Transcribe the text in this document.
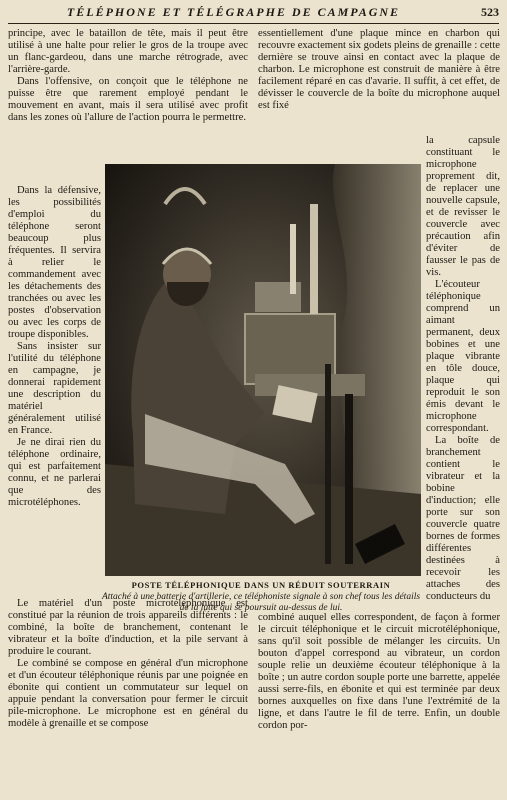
TÉLÉPHONE ET TÉLÉGRAPHE DE CAMPAGNE	523

principe, avec le bataillon de tête, mais il peut être utilisé à une halte pour relier le gros de la troupe avec un flanc-gardeou, dans une marche rétrograde, avec l'arrière-garde.

Dans l'offensive, on conçoit que le téléphone ne puisse être que rarement employé pendant le mouvement en avant, mais il sera utilisé avec profit dans les zones où l'allure de l'action pourra le permettre.

Dans la défensive, les possibilités d'emploi du téléphone seront beaucoup plus fréquentes. Il servira à relier le commandement avec les détachements des tranchées ou avec les postes d'observation ou avec les corps de troupe disponibles.

Sans insister sur l'utilité du téléphone en campagne, je donnerai rapidement une description du matériel généralement utilisé en France.

Je ne dirai rien du téléphone ordinaire, qui est parfaitement connu, et ne parlerai que des microtéléphones.

essentiellement d'une plaque mince en charbon qui recouvre exactement six godets pleins de grenaille : cette dernière se trouve ainsi en contact avec la plaque de charbon. Le microphone est construit de manière à être facilement réparé en cas d'avarie. Il suffit, à cet effet, de dévisser le couvercle de la boîte du microphone auquel est fixé

la capsule constituant le microphone proprement dit, de replacer une nouvelle capsule, et de revisser le couvercle avec précaution afin d'éviter de fausser le pas de vis.

L'écouteur téléphonique comprend un aimant permanent, deux bobines et une plaque vibrante en tôle douce, plaque qui reproduit le son émis devant le microphone correspondant.

La boîte de branchement contient le vibrateur et la bobine d'induction; elle porte sur son couvercle quatre bornes de formes différentes destinées à recevoir les attaches des conducteurs du

POSTE TÉLÉPHONIQUE DANS UN RÉDUIT SOUTERRAIN
Attaché à une batterie d'artillerie, ce téléphoniste signale à son chef tous les détails de la lutte qui se poursuit au-dessus de lui.

Le matériel d'un poste microtéléphonique est constitué par la réunion de trois appareils différents : le combiné, la boîte de branchement, contenant le vibrateur et la boîte d'induction, et la pile servant à produire le courant.

Le combiné se compose en général d'un microphone et d'un écouteur téléphonique réunis par une poignée en ébonite qui contient un commutateur sur lequel on appuie pendant la conversation pour fermer le circuit pile-microphone. Le microphone est en général du modèle à grenaille et se compose

combiné auquel elles correspondent, de façon à former le circuit téléphonique et le circuit microtéléphonique, sans qu'il soit possible de mélanger les circuits. Un bouton d'appel correspond au vibrateur, un cordon souple relie un deuxième écouteur téléphonique à la boîte ; un autre cordon souple porte une barrette, appelée aussi serre-fils, en ébonite et qui est terminée par deux bornes auxquelles on fixe dans l'une l'extrémité de la ligne, et dans l'autre le fil de terre. Enfin, un double cordon por-
